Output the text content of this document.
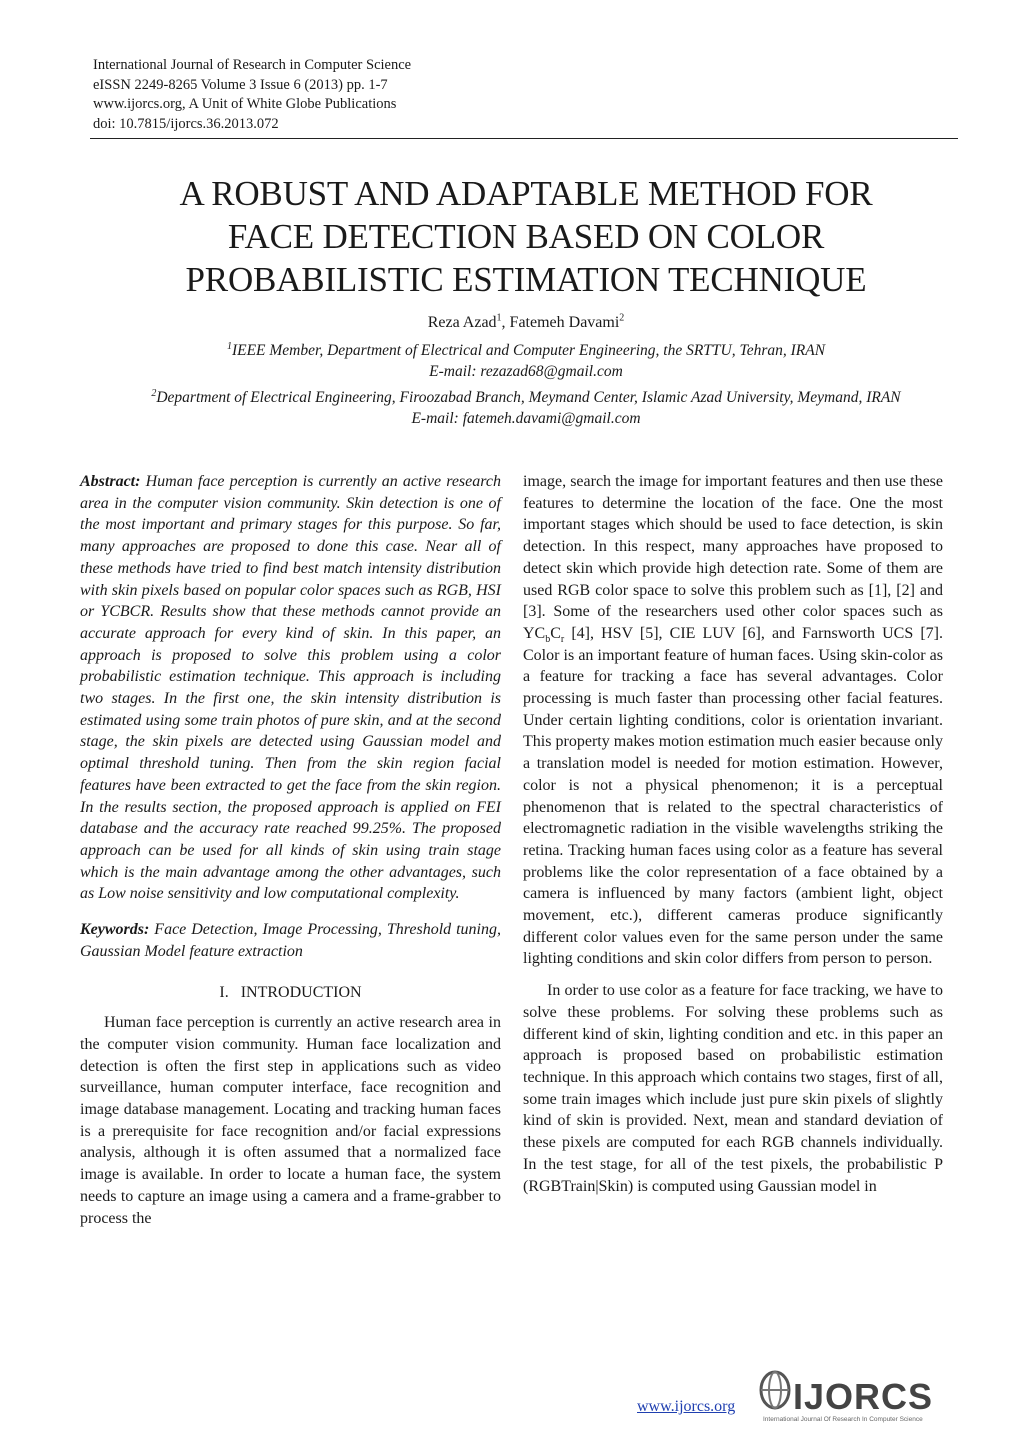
International Journal of Research in Computer Science
eISSN 2249-8265 Volume 3 Issue 6 (2013) pp. 1-7
www.ijorcs.org, A Unit of White Globe Publications
doi: 10.7815/ijorcs.36.2013.072
A ROBUST AND ADAPTABLE METHOD FOR
FACE DETECTION BASED ON COLOR
PROBABILISTIC ESTIMATION TECHNIQUE
Reza Azad$^1$, Fatemeh Davami$^2$
$^1$IEEE Member, Department of Electrical and Computer Engineering, the SRTTU, Tehran, IRAN
E-mail: rezazad68@gmail.com
$^2$Department of Electrical Engineering, Firoozabad Branch, Meymand Center, Islamic Azad University, Meymand, IRAN
E-mail: fatemeh.davami@gmail.com

Abstract: Human face perception is currently an active research area in the computer vision community. Skin detection is one of the most important and primary stages for this purpose. So far, many approaches are proposed to done this case. Near all of these methods have tried to find best match intensity distribution with skin pixels based on popular color spaces such as RGB, HSI or YCBCR. Results show that these methods cannot provide an accurate approach for every kind of skin. In this paper, an approach is proposed to solve this problem using a color probabilistic estimation technique. This approach is including two stages. In the first one, the skin intensity distribution is estimated using some train photos of pure skin, and at the second stage, the skin pixels are detected using Gaussian model and optimal threshold tuning. Then from the skin region facial features have been extracted to get the face from the skin region. In the results section, the proposed approach is applied on FEI database and the accuracy rate reached 99.25%. The proposed approach can be used for all kinds of skin using train stage which is the main advantage among the other advantages, such as Low noise sensitivity and low computational complexity.

Keywords: Face Detection, Image Processing, Threshold tuning, Gaussian Model feature extraction

I. INTRODUCTION

Human face perception is currently an active research area in the computer vision community. Human face localization and detection is often the first step in applications such as video surveillance, human computer interface, face recognition and image database management. Locating and tracking human faces is a prerequisite for face recognition and/or facial expressions analysis, although it is often assumed that a normalized face image is available. In order to locate a human face, the system needs to capture an image using a camera and a frame-grabber to process the

image, search the image for important features and then use these features to determine the location of the face. One the most important stages which should be used to face detection, is skin detection. In this respect, many approaches have proposed to detect skin which provide high detection rate. Some of them are used RGB color space to solve this problem such as [1], [2] and [3]. Some of the researchers used other color spaces such as $YC_bC_r$ [4], HSV [5], CIE LUV [6], and Farnsworth UCS [7]. Color is an important feature of human faces. Using skin-color as a feature for tracking a face has several advantages. Color processing is much faster than processing other facial features. Under certain lighting conditions, color is orientation invariant. This property makes motion estimation much easier because only a translation model is needed for motion estimation. However, color is not a physical phenomenon; it is a perceptual phenomenon that is related to the spectral characteristics of electromagnetic radiation in the visible wavelengths striking the retina. Tracking human faces using color as a feature has several problems like the color representation of a face obtained by a camera is influenced by many factors (ambient light, object movement, etc.), different cameras produce significantly different color values even for the same person under the same lighting conditions and skin color differs from person to person.

In order to use color as a feature for face tracking, we have to solve these problems. For solving these problems such as different kind of skin, lighting condition and etc. in this paper an approach is proposed based on probabilistic estimation technique. In this approach which contains two stages, first of all, some train images which include just pure skin pixels of slightly kind of skin is provided. Next, mean and standard deviation of these pixels are computed for each RGB channels individually. In the test stage, for all of the test pixels, the probabilistic P (RGBTrain|Skin) is computed using Gaussian model in

www.ijorcs.org IJORCS
International Journal Of Research In Computer Science
